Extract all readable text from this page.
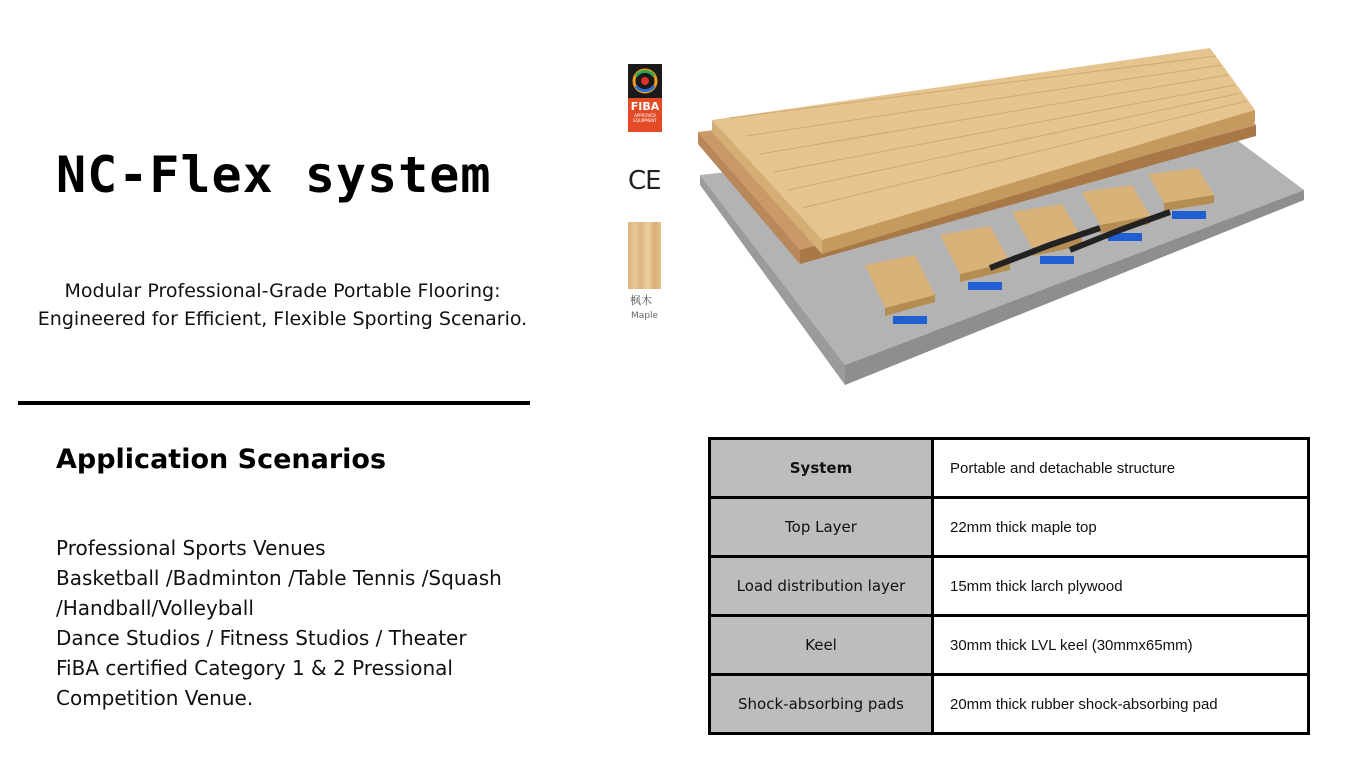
NC-Flex system
Modular Professional-Grade Portable Flooring:
Engineered for Efficient, Flexible Sporting Scenario.
Application Scenarios
Professional Sports Venues
Basketball /Badminton /Table Tennis /Squash
/Handball/Volleyball
Dance Studios / Fitness Studios / Theater
FiBA certified Category 1 & 2 Pressional
Competition Venue.
FIBA
APPROVED EQUIPMENT
CE
枫木
Maple
System	Portable and detachable structure
Top Layer	22mm thick maple top
Load distribution layer	15mm thick larch plywood
Keel	30mm thick LVL keel (30mmx65mm)
Shock-absorbing pads	20mm thick rubber shock-absorbing pad
